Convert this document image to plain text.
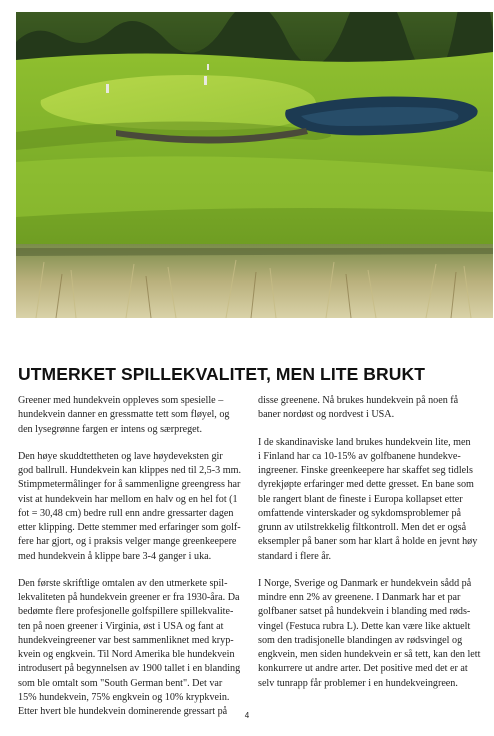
UTMERKET SPILLEKVALITET, MEN LITE BRUKT

Greener med hundekvein oppleves som spesielle –
hundekvein danner en gressmatte tett som fløyel, og
den lysegrønne fargen er intens og særpreget.

Den høye skuddtettheten og lave høydeveksten gir
god ballrull. Hundekvein kan klippes ned til 2,5-3 mm.
Stimpmetermålinger for å sammenligne greengress har
vist at hundekvein har mellom en halv og en hel fot (1
fot = 30,48 cm) bedre rull enn andre gressarter dagen
etter klipping. Dette stemmer med erfaringer som golf-
fere har gjort, og i praksis velger mange greenkeepere
med hundekvein å klippe bare 3-4 ganger i uka.

Den første skriftlige omtalen av den utmerkete spil-
lekvaliteten på hundekvein greener er fra 1930-åra. Da
bedømte flere profesjonelle golfspillere spillekvalite-
ten på noen greener i Virginia, øst i USA og fant at
hundekveingreener var best sammenliknet med kryp-
kvein og engkvein. Til Nord Amerika ble hundekvein
introdusert på begynnelsen av 1900 tallet i en blanding
som ble omtalt som "South German bent". Det var
15% hundekvein, 75% engkvein og 10% krypkvein.
Etter hvert ble hundekvein dominerende gressart på

disse greenene. Nå brukes hundekvein på noen få
baner nordøst og nordvest i USA.

I de skandinaviske land brukes hundekvein lite, men
i Finland har ca 10-15% av golfbanene hundekve-
ingreener. Finske greenkeepere har skaffet seg tidlels
dyrekjøpte erfaringer med dette gresset. En bane som
ble rangert blant de fineste i Europa kollapset etter
omfattende vinterskader og sykdomsproblemer på
grunn av utilstrekkelig filtkontroll. Men det er også
eksempler på baner som har klart å holde en jevnt høy
standard i flere år.

I Norge, Sverige og Danmark er hundekvein sådd på
mindre enn 2% av greenene. I Danmark har et par
golfbaner satset på hundekvein i blanding med røds-
vingel (Festuca rubra L). Dette kan være like aktuelt
som den tradisjonelle blandingen av rødsvingel og
engkvein, men siden hundekvein er så tett, kan den lett
konkurrere ut andre arter. Det positive med det er at
selv tunrapp får problemer i en hundekveingreen.

4
